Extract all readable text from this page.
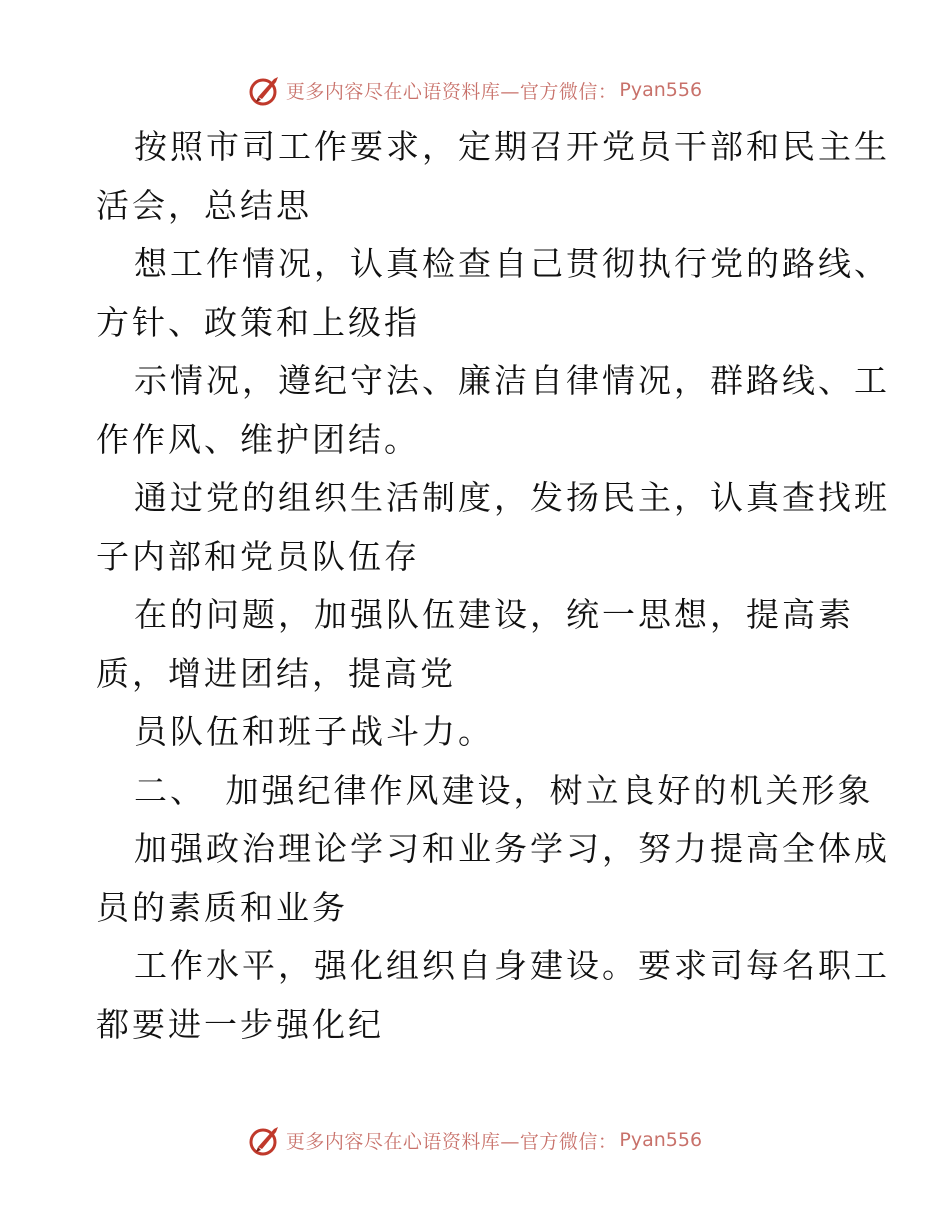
更多内容尽在心语资料库—官方微信： Pyan556
按照市司工作要求，定期召开党员干部和民主生
活会，总结思
想工作情况，认真检查自己贯彻执行党的路线、
方针、政策和上级指
示情况，遵纪守法、廉洁自律情况，群路线、工
作作风、维护团结。
通过党的组织生活制度，发扬民主，认真查找班
子内部和党员队伍存
在的问题，加强队伍建设，统一思想，提高素
质，增进团结，提高党
员队伍和班子战斗力。
二、　加强纪律作风建设，树立良好的机关形象
加强政治理论学习和业务学习，努力提高全体成
员的素质和业务
工作水平，强化组织自身建设。要求司每名职工
都要进一步强化纪
更多内容尽在心语资料库—官方微信： Pyan556
